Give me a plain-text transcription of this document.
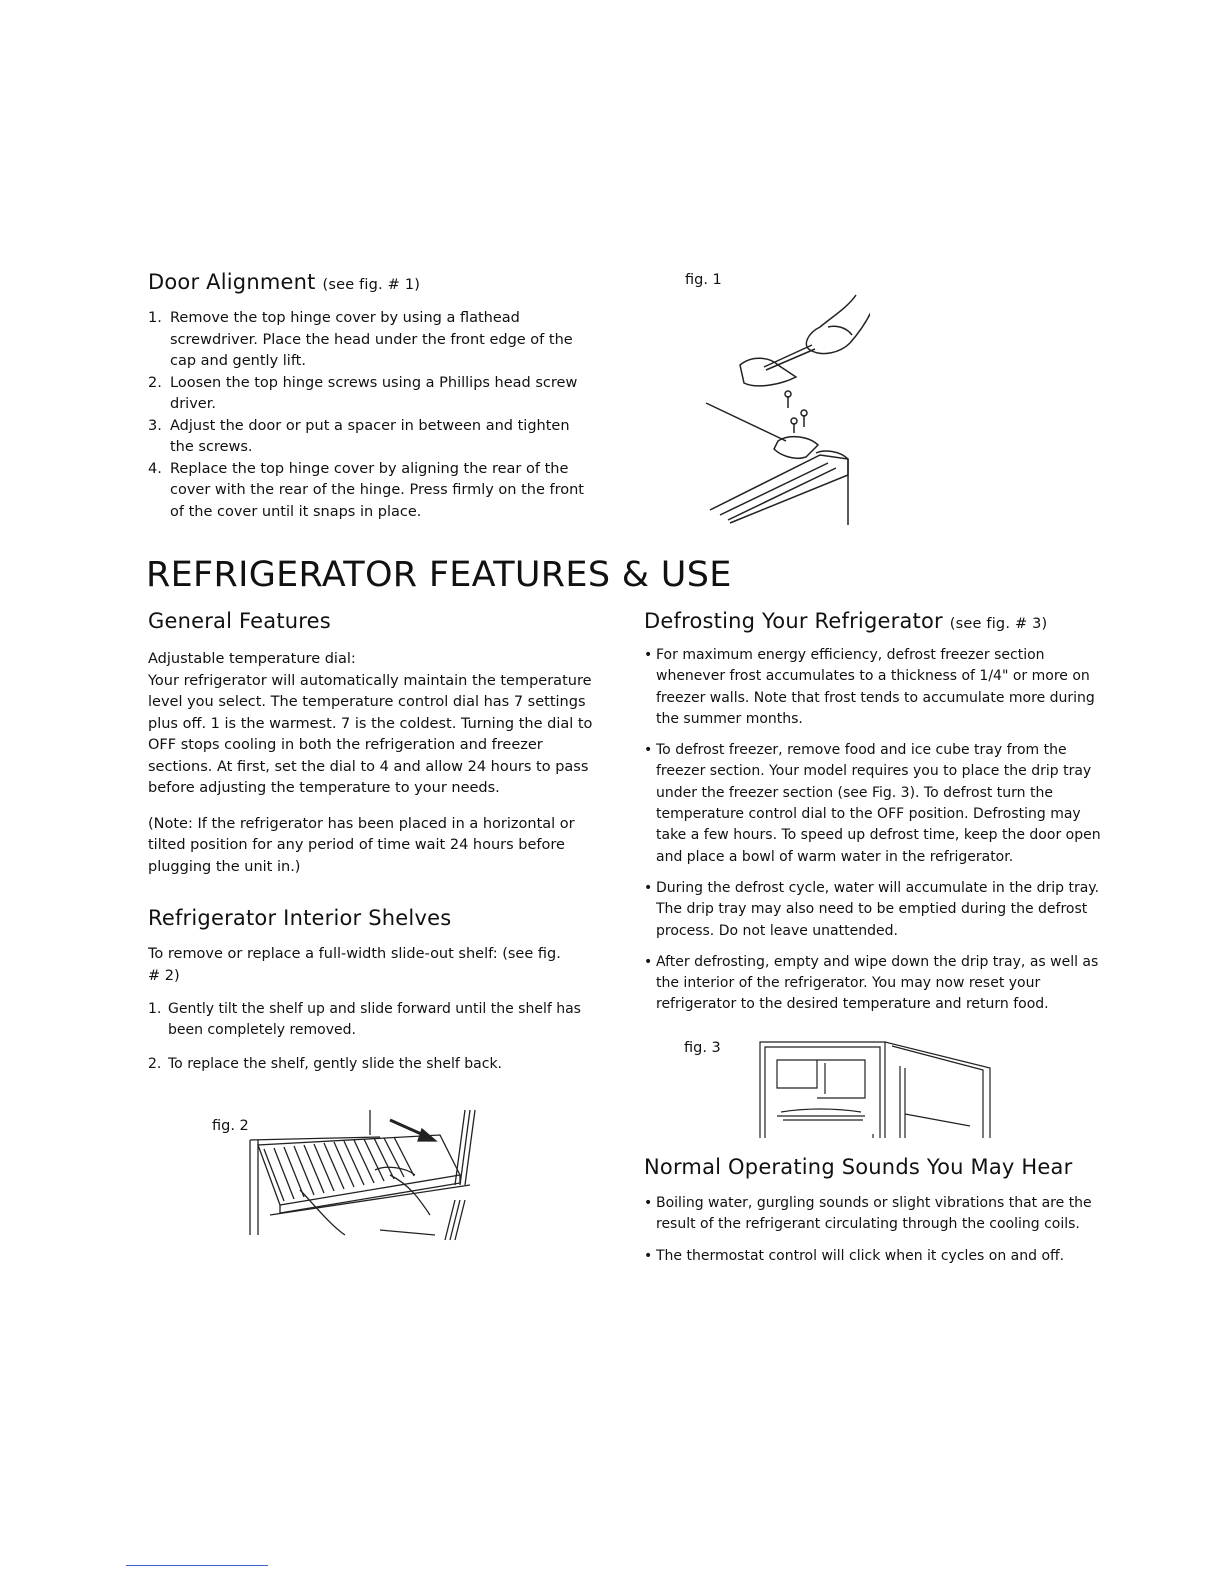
Door Alignment (see fig. # 1)
1. Remove the top hinge cover by using a flathead screwdriver. Place the head under the front edge of the cap and gently lift.
2. Loosen the top hinge screws using a Phillips head screw driver.
3. Adjust the door or put a spacer in between and tighten the screws.
4. Replace the top hinge cover by aligning the rear of the cover with the rear of the hinge. Press firmly on the front of the cover until it snaps in place.
fig. 1
REFRIGERATOR FEATURES & USE
General Features

Adjustable temperature dial:

Your refrigerator will automatically maintain the temperature level you select. The temperature control dial has 7 settings plus off. 1 is the warmest. 7 is the coldest. Turning the dial to OFF stops cooling in both the refrigeration and freezer sections. At first, set the dial to 4 and allow 24 hours to pass before adjusting the temperature to your needs.

(Note: If the refrigerator has been placed in a horizontal or tilted position for any period of time wait 24 hours before plugging the unit in.)

Refrigerator Interior Shelves

To remove or replace a full-width slide-out shelf: (see fig. # 2)

1. Gently tilt the shelf up and slide forward until the shelf has been completely removed.
2. To replace the shelf, gently slide the shelf back.
fig. 2
Defrosting Your Refrigerator (see fig. # 3)
• For maximum energy efficiency, defrost freezer section whenever frost accumulates to a thickness of 1/4" or more on freezer walls. Note that frost tends to accumulate more during the summer months.
• To defrost freezer, remove food and ice cube tray from the freezer section. Your model requires you to place the drip tray under the freezer section (see Fig. 3). To defrost turn the temperature control dial to the OFF position. Defrosting may take a few hours. To speed up defrost time, keep the door open and place a bowl of warm water in the refrigerator.
• During the defrost cycle, water will accumulate in the drip tray. The drip tray may also need to be emptied during the defrost process. Do not leave unattended.
• After defrosting, empty and wipe down the drip tray, as well as the interior of the refrigerator. You may now reset your refrigerator to the desired temperature and return food.
fig. 3
Normal Operating Sounds You May Hear
• Boiling water, gurgling sounds or slight vibrations that are the result of the refrigerant circulating through the cooling coils.
• The thermostat control will click when it cycles on and off.
